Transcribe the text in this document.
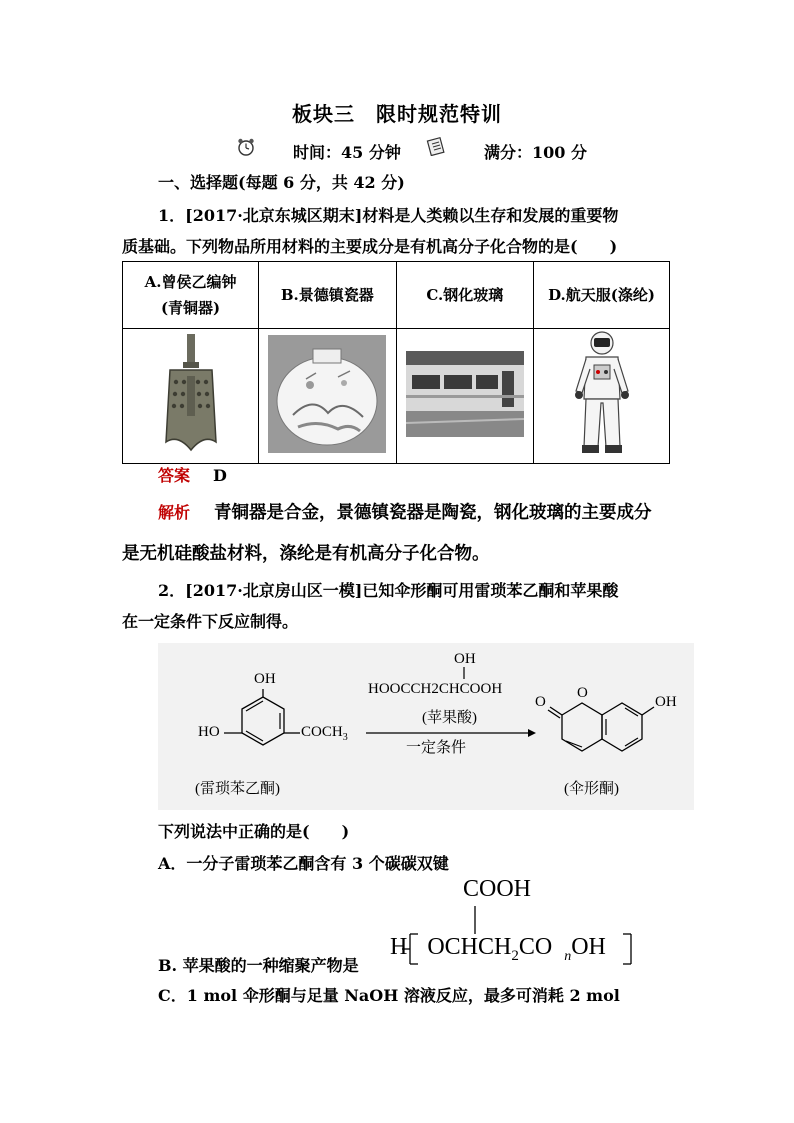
板块三　限时规范特训
时间：45 分钟	满分：100 分
一、选择题(每题 6 分，共 42 分)
1．[2017·北京东城区期末]材料是人类赖以生存和发展的重要物
质基础。下列物品所用材料的主要成分是有机高分子化合物的是(　　)
A.曾侯乙编钟
(青铜器)	B.景德镇瓷器	C.钢化玻璃	D.航天服(涤纶)

答案 D
解析 青铜器是合金，景德镇瓷器是陶瓷，钢化玻璃的主要成分
是无机硅酸盐材料，涤纶是有机高分子化合物。
2．[2017·北京房山区一模]已知伞形酮可用雷琐苯乙酮和苹果酸
在一定条件下反应制得。
OH
HO	$COCH_3$
(雷琐苯乙酮)
OH
HOOCCH2CHCOOH
(苹果酸)
一定条件
O
O
OH
(伞形酮)
下列说法中正确的是(　　)
A．一分子雷琐苯乙酮含有 3 个碳碳双键
COOH
B. 苹果酸的一种缩聚产物是
H $OCHCH_2CO$ $_n$OH
C．1 mol 伞形酮与足量 NaOH 溶液反应，最多可消耗 2 mol
